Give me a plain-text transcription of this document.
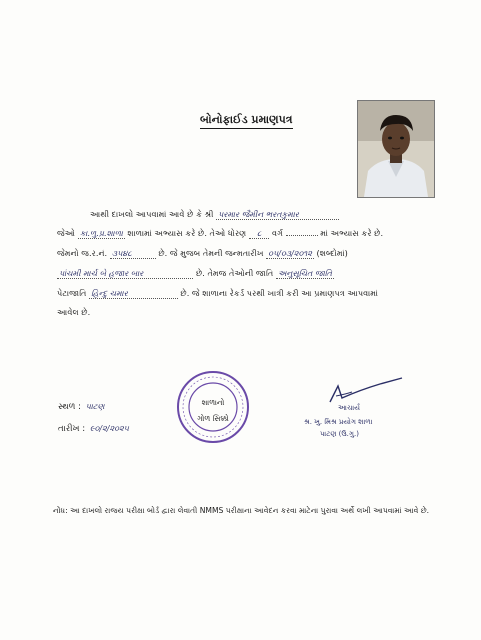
બોનોફાઈડ પ્રમાણપત્ર
આથી દાખલો આપવામાં આવે છે કે શ્રી પરમાર જૈમીન ભરતકુમાર
જેઓ કા.ળુ.પ્ર.શાળા શાળામાં અભ્યાસ કરે છે. તેઓ ધોરણ ૮ વર્ગ	માં અભ્યાસ કરે છે.
જેમનો જ.ર.નં. ૩૫૪૮	છે. જે મુજબ તેમની જન્મતારીખ ૦૫/૦૩/૨૦૧૨ (શબ્દોમાં)
પાંચમી માર્ચ બે હજાર બાર	છે. તેમજ તેઓની જાતિ અનુસૂચિત જાતિ
પેટાજાતિ હિન્દુ ચમાર	છે. જે શાળાના રેકર્ડ પરથી ખાત્રી કરી આ પ્રમાણપત્ર આપવામાં
આવેલ છે.
સ્થળ : પાટણ
તારીખ : ૯૦/૨/૨૦૨૫
શાળાનો
ગોળ સિક્કો
આચાર્ય
શ્ર. ખુ. મિશ્ર પ્રયોગ શાળા
પાટણ (ઉ.ગુ.)
નોંધ: આ દાખલો રાજય પરીક્ષા બોર્ડ દ્વારા લેવાતી NMMS પરીક્ષાના આવેદન કરવા માટેના પુરાવા અર્થે લખી આપવામાં આવે છે.
